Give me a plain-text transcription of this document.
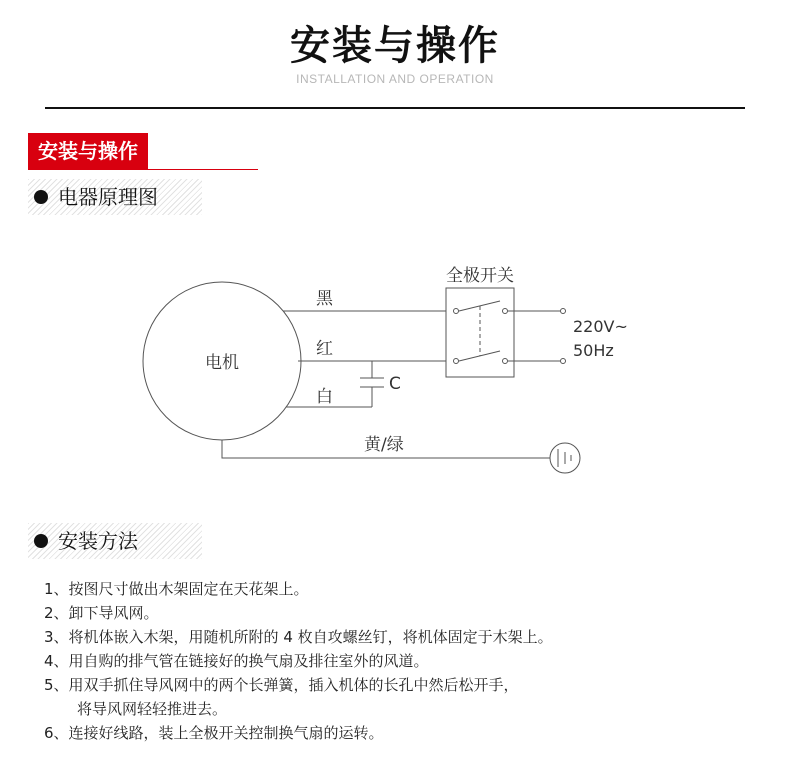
安装与操作
INSTALLATION AND OPERATION
安装与操作
电器原理图
电机
全极开关
黑
红
白
C
黄/绿
220V~
50Hz
安装方法

1、按图尺寸做出木架固定在天花架上。

2、卸下导风网。

3、将机体嵌入木架，用随机所附的 4 枚自攻螺丝钉，将机体固定于木架上。

4、用自购的排气管在链接好的换气扇及排往室外的风道。

5、用双手抓住导风网中的两个长弹簧，插入机体的长孔中然后松开手，

将导风网轻轻推进去。

6、连接好线路，装上全极开关控制换气扇的运转。
